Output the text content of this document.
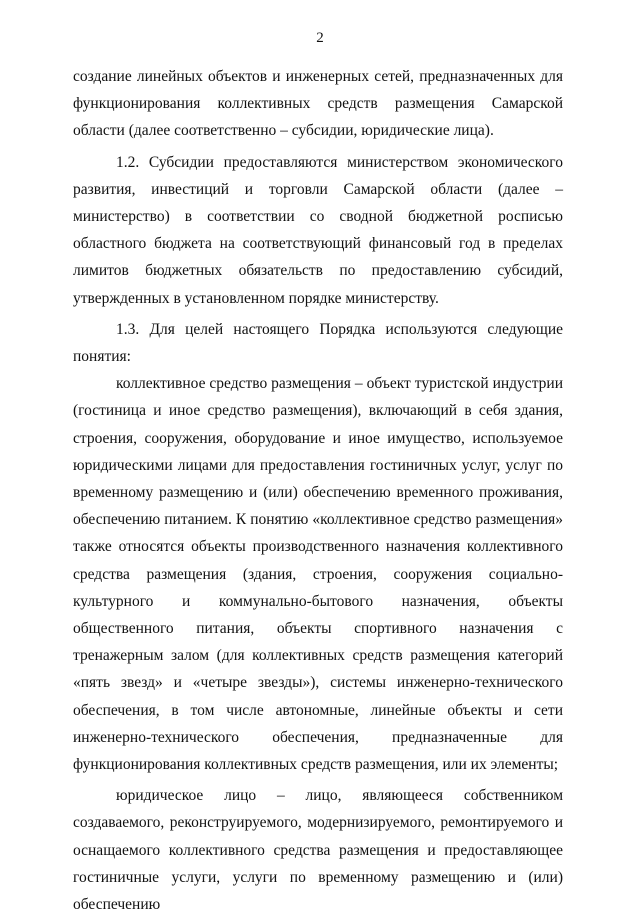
2

создание линейных объектов и инженерных сетей, предназначенных для функционирования коллективных средств размещения Самарской области (далее соответственно – субсидии, юридические лица).

1.2. Субсидии предоставляются министерством экономического развития, инвестиций и торговли Самарской области (далее – министерство) в соответствии со сводной бюджетной росписью областного бюджета на соответствующий финансовый год в пределах лимитов бюджетных обязательств по предоставлению субсидий, утвержденных в установленном порядке министерству.

1.3. Для целей настоящего Порядка используются следующие понятия:

коллективное средство размещения – объект туристской индустрии (гостиница и иное средство размещения), включающий в себя здания, строения, сооружения, оборудование и иное имущество, используемое юридическими лицами для предоставления гостиничных услуг, услуг по временному размещению и (или) обеспечению временного проживания, обеспечению питанием. К понятию «коллективное средство размещения» также относятся объекты производственного назначения коллективного средства размещения (здания, строения, сооружения социально-культурного и коммунально-бытового назначения, объекты общественного питания, объекты спортивного назначения с тренажерным залом (для коллективных средств размещения категорий «пять звезд» и «четыре звезды»), системы инженерно-технического обеспечения, в том числе автономные, линейные объекты и сети инженерно-технического обеспечения, предназначенные для функционирования коллективных средств размещения, или их элементы;

юридическое лицо – лицо, являющееся собственником создаваемого, реконструируемого, модернизируемого, ремонтируемого и оснащаемого коллективного средства размещения и предоставляющее гостиничные услуги, услуги по временному размещению и (или) обеспечению
